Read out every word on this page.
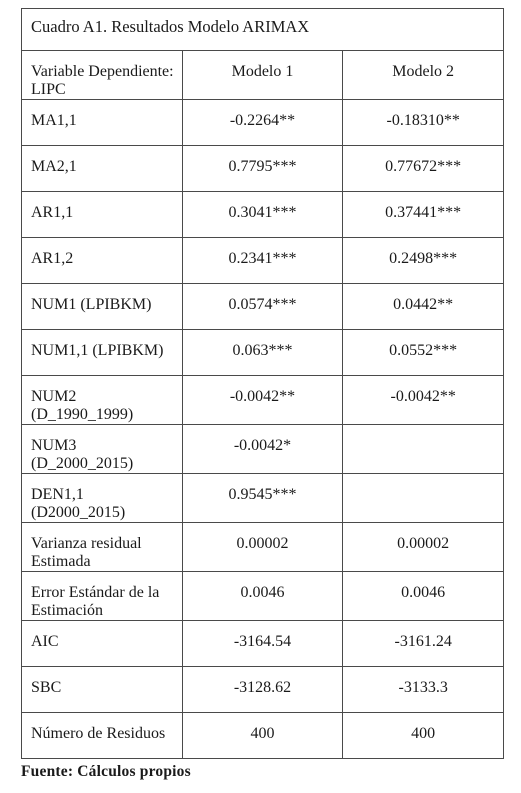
Cuadro A1. Resultados Modelo ARIMAX		
Variable Dependiente: LIPC	Modelo 1	Modelo 2
MA1,1	-0.2264**	-0.18310**
MA2,1	0.7795***	0.77672***
AR1,1	0.3041***	0.37441***
AR1,2	0.2341***	0.2498***
NUM1 (LPIBKM)	0.0574***	0.0442**
NUM1,1 (LPIBKM)	0.063***	0.0552***
NUM2 (D_1990_1999)	-0.0042**	-0.0042**
NUM3 (D_2000_2015)	-0.0042*	
DEN1,1 (D2000_2015)	0.9545***	
Varianza residual Estimada	0.00002	0.00002
Error Estándar de la Estimación	0.0046	0.0046
AIC	-3164.54	-3161.24
SBC	-3128.62	-3133.3
Número de Residuos	400	400
Fuente: Cálculos propios
